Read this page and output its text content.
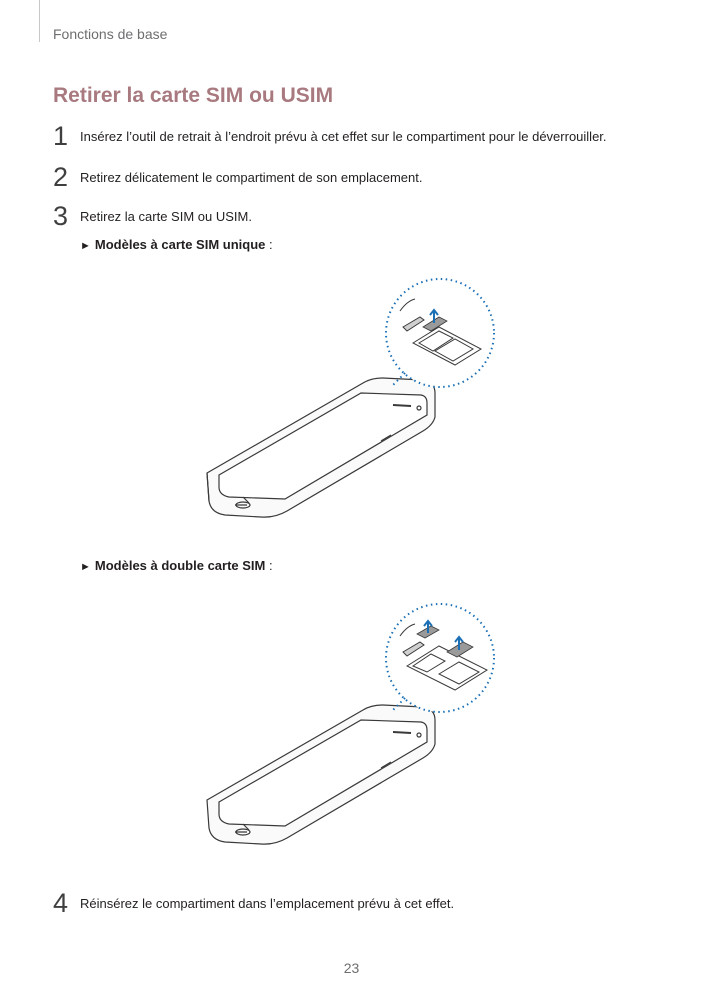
Fonctions de base
Retirer la carte SIM ou USIM
1 Insérez l’outil de retrait à l’endroit prévu à cet effet sur le compartiment pour le déverrouiller.
2 Retirez délicatement le compartiment de son emplacement.
3 Retirez la carte SIM ou USIM.
► Modèles à carte SIM unique :
► Modèles à double carte SIM :
4 Réinsérez le compartiment dans l’emplacement prévu à cet effet.
23
